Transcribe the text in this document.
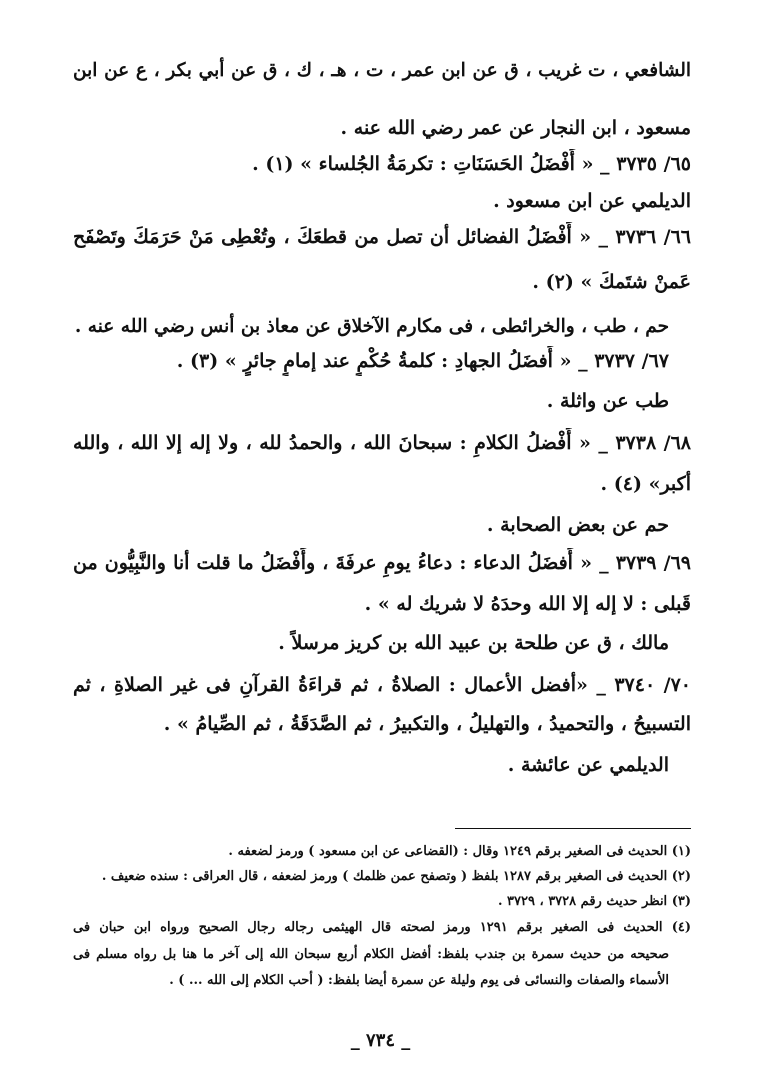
الشافعي ، ت غريب ، ق عن ابن عمر ، ت ، هـ ، ك ، ق عن أبي بكر ، ع عن ابن
مسعود ، ابن النجار عن عمر رضي الله عنه .
٦٥/ ٣٧٣٥ _ « أَفْضَلُ الحَسَنَاتِ : تكرمَةُ الجُلساء » (١) .
الديلمي عن ابن مسعود .
٦٦/ ٣٧٣٦ _ « أَفْضَلُ الفضائل أن تصل من قطعَكَ ، وتُعْطِى مَنْ حَرَمَكَ وتَصْفَح
عَمنْ شتَمكَ » (٢) .
حم ، طب ، والخرائطى ، فى مكارم الآخلاق عن معاذ بن أنس رضي الله عنه .
٦٧/ ٣٧٣٧ _ « أَفضَلُ الجهادِ : كلمةُ حُكْمٍ عند إمامٍ جائرٍ » (٣) .
طب عن واثلة .
٦٨/ ٣٧٣٨ _ « أَفْضلُ الكلامِ : سبحانَ الله ، والحمدُ لله ، ولا إله إلا الله ، والله
أكبر» (٤) .
حم عن بعض الصحابة .
٦٩/ ٣٧٣٩ _ « أَفضَلُ الدعاء : دعاءُ يومِ عرفَةَ ، وأَفْضَلُ ما قلت أنا والنَّبِيُّون من
قَبلى : لا إله إلا الله وحدَهُ لا شريك له » .
مالك ، ق عن طلحة بن عبيد الله بن كريز مرسلاً .
٧٠/ ٣٧٤٠ _ «أفضل الأعمال : الصلاةُ ، ثم قراءَةُ القرآنِ فى غير الصلاةِ ، ثم
التسبيحُ ، والتحميدُ ، والتهليلُ ، والتكبيرُ ، ثم الصَّدَقَةُ ، ثم الصِّيامُ » .
الديلمي عن عائشة .
(١) الحديث فى الصغير برقم ١٢٤٩ وقال : (القضاعى عن ابن مسعود ) ورمز لضعفه .
(٢) الحديث فى الصغير برقم ١٢٨٧ بلفظ ( وتصفح عمن ظلمك ) ورمز لضعفه ، قال العراقى : سنده ضعيف .
(٣) انظر حديث رقم ٣٧٢٨ ، ٣٧٢٩ .
(٤) الحديث فى الصغير برقم ١٢٩١ ورمز لصحته قال الهيثمى رجاله رجال الصحيح ورواه ابن حبان فى
صحيحه من حديث سمرة بن جندب بلفظ: أفضل الكلام أربع سبحان الله إلى آخر ما هنا بل رواه مسلم فى
الأسماء والصفات والنسائى فى يوم وليلة عن سمرة أيضا بلفظ: ( أحب الكلام إلى الله ... ) .
_ ٧٣٤ _
